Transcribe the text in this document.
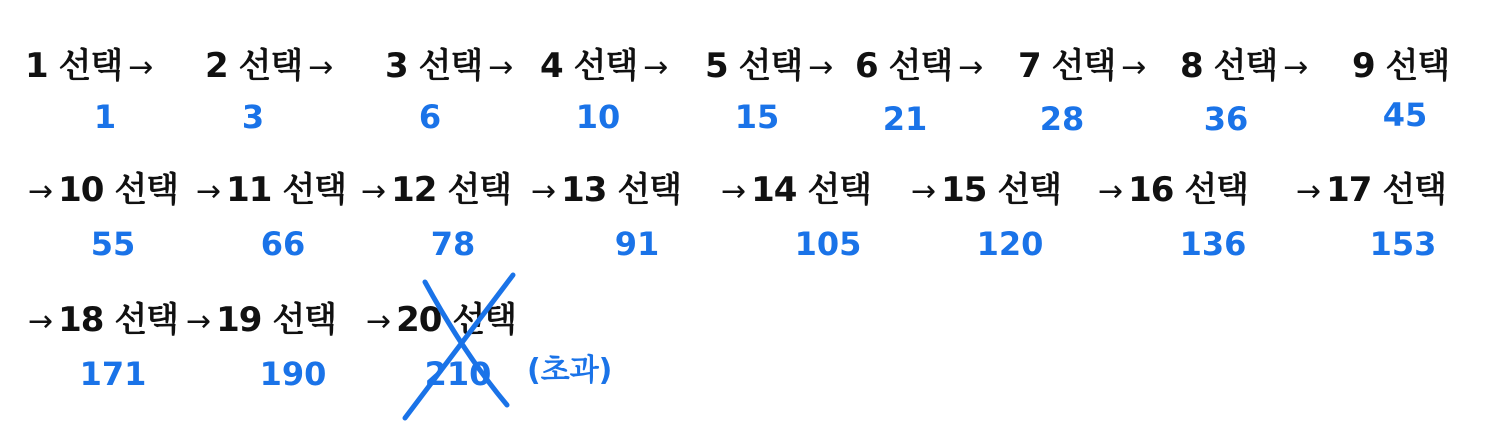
1 선택 → 2 선택 → 3 선택 → 4 선택 → 5 선택 → 6 선택 → 7 선택 → 8 선택 → 9 선택
1	3	6	10	15	21	28	36	45
→ 10 선택 → 11 선택 → 12 선택 → 13 선택 → 14 선택 → 15 선택 → 16 선택 → 17 선택
55	66	78	91	105	120	136	153
→ 18 선택 → 19 선택 → 20 선택
171	190	210 (초과)
